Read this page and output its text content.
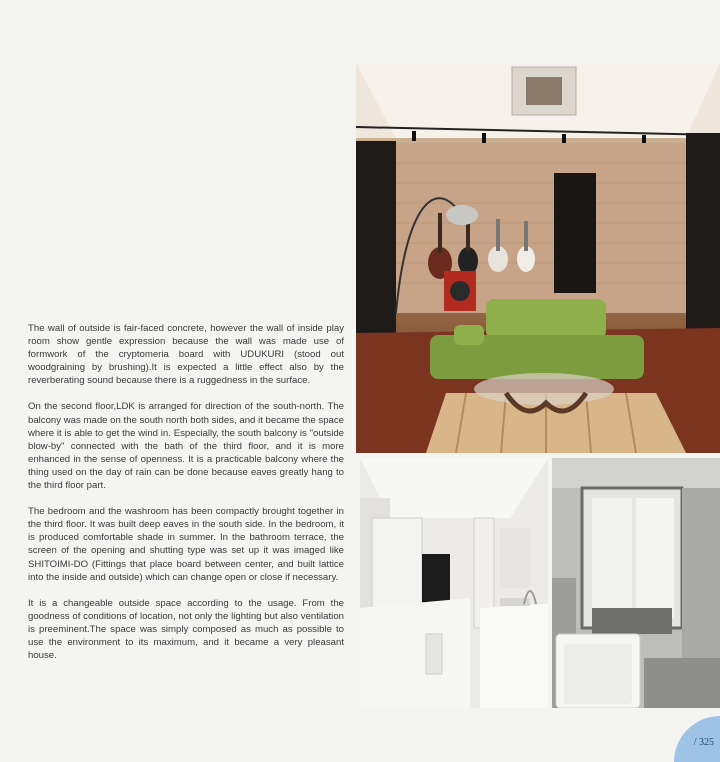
The wall of outside is fair-faced concrete, however the wall of inside play room show gentle expression because the wall was made use of formwork of the cryptomeria board with UDUKURI (stood out woodgraining by brushing).It is expected a little effect also by the reverberating sound because there is a ruggedness in the surface.

On the second floor,LDK is arranged for direction of the south-north. The balcony was made on the south north both sides, and it became the space where it is able to get the wind in. Especially, the south balcony is "outside blow-by" connected with the bath of the third floor, and it is more enhanced in the sense of openness. It is a practicable balcony where the thing used on the day of rain can be done because eaves greatly hang to the third floor part.

The bedroom and the washroom has been compactly brought together in the third floor. It was built deep eaves in the south side. In the bedroom, it is produced comfortable shade in summer. In the bathroom terrace, the screen of the opening and shutting type was set up it was imaged like SHITOIMI-DO (Fittings that place board between center, and built lattice into the inside and outside) which can change open or close if necessary.

It is a changeable outside space according to the usage. From the goodness of conditions of location, not only the lighting but also ventilation is preeminent.The space was simply composed as much as possible to use the environment to its maximum, and it became a very pleasant house.

/ 325
